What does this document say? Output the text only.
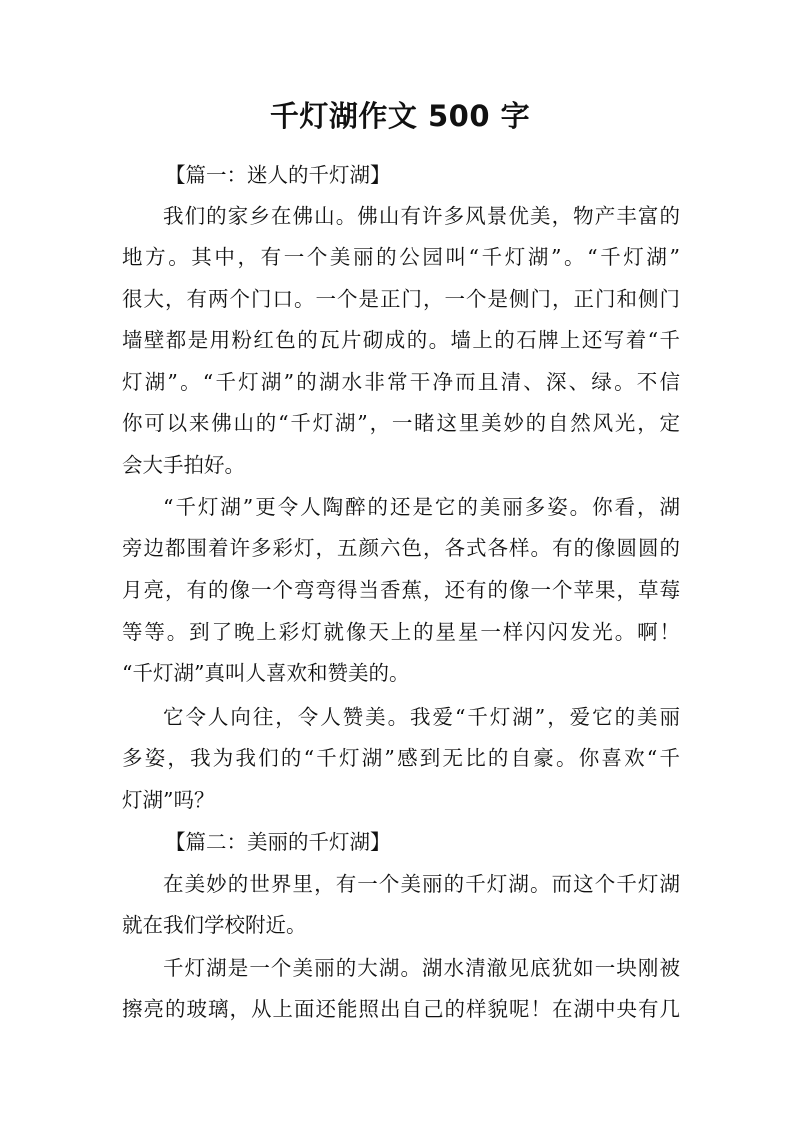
千灯湖作文 500 字
【篇一：迷人的千灯湖】
我们的家乡在佛山。佛山有许多风景优美，物产丰富的
地方。其中，有一个美丽的公园叫“千灯湖”。“千灯湖”
很大，有两个门口。一个是正门，一个是侧门，正门和侧门
墙壁都是用粉红色的瓦片砌成的。墙上的石牌上还写着“千
灯湖”。“千灯湖”的湖水非常干净而且清、深、绿。不信
你可以来佛山的“千灯湖”，一睹这里美妙的自然风光，定
会大手拍好。
“千灯湖”更令人陶醉的还是它的美丽多姿。你看，湖
旁边都围着许多彩灯，五颜六色，各式各样。有的像圆圆的
月亮，有的像一个弯弯得当香蕉，还有的像一个苹果，草莓
等等。到了晚上彩灯就像天上的星星一样闪闪发光。啊！
“千灯湖”真叫人喜欢和赞美的。
它令人向往，令人赞美。我爱“千灯湖”，爱它的美丽
多姿，我为我们的“千灯湖”感到无比的自豪。你喜欢“千
灯湖”吗？
【篇二：美丽的千灯湖】
在美妙的世界里，有一个美丽的千灯湖。而这个千灯湖
就在我们学校附近。
千灯湖是一个美丽的大湖。湖水清澈见底犹如一块刚被
擦亮的玻璃，从上面还能照出自己的样貌呢！在湖中央有几
